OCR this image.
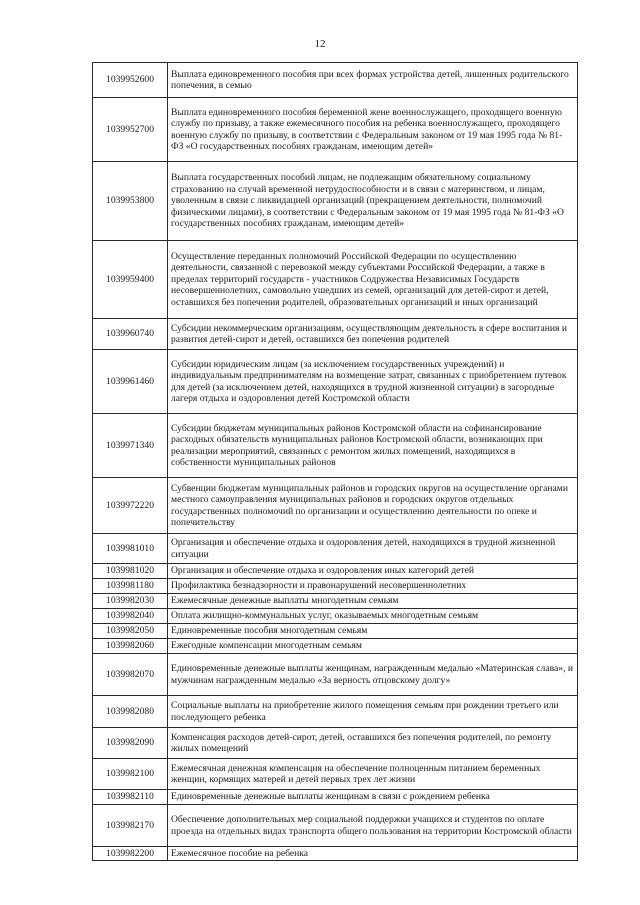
12
1039952600	Выплата единовременного пособия при всех формах устройства детей, лишенных родительского попечения, в семью
1039952700	Выплата единовременного пособия беременной жене военнослужащего, проходящего военную службу по призыву, а также ежемесячного пособия на ребенка военнослужащего, проходящего военную службу по призыву, в соответствии с Федеральным законом от 19 мая 1995 года № 81-ФЗ «О государственных пособиях гражданам, имеющим детей»
1039953800	Выплата государственных пособий лицам, не подлежащим обязательному социальному страхованию на случай временной нетрудоспособности и в связи с материнством, и лицам, уволенным в связи с ликвидацией организаций (прекращением деятельности, полномочий физическими лицами), в соответствии с Федеральным законом от 19 мая 1995 года № 81-ФЗ «О государственных пособиях гражданам, имеющим детей»
1039959400	Осуществление переданных полномочий Российской Федерации по осуществлению деятельности, связанной с перевозкой между субъектами Российской Федерации, а также в пределах территорий государств - участников Содружества Независимых Государств несовершеннолетних, самовольно ушедших из семей, организаций для детей-сирот и детей, оставшихся без попечения родителей, образовательных организаций и иных организаций
1039960740	Субсидии некоммерческим организациям, осуществляющим деятельность в сфере воспитания и развития детей-сирот и детей, оставшихся без попечения родителей
1039961460	Субсидии юридическим лицам (за исключением государственных учреждений) и индивидуальным предпринимателям на возмещение затрат, связанных с приобретением путевок для детей (за исключением детей, находящихся в трудной жизненной ситуации) в загородные лагеря отдыха и оздоровления детей Костромской области
1039971340	Субсидии бюджетам муниципальных районов Костромской области на софинансирование расходных обязательств муниципальных районов Костромской области, возникающих при реализации мероприятий, связанных с ремонтом жилых помещений, находящихся в собственности муниципальных районов
1039972220	Субвенции бюджетам муниципальных районов и городских округов на осуществление органами местного самоуправления муниципальных районов и городских округов отдельных государственных полномочий по организации и осуществлению деятельности по опеке и попечительству
1039981010	Организация и обеспечение отдыха и оздоровления детей, находящихся в трудной жизненной ситуации
1039981020	Организация и обеспечение отдыха и оздоровления иных категорий детей
1039981180	Профилактика безнадзорности и правонарушений несовершеннолетних
1039982030	Ежемесячные денежные выплаты многодетным семьям
1039982040	Оплата жилищно-коммунальных услуг, оказываемых многодетным семьям
1039982050	Единовременные пособия многодетным семьям
1039982060	Ежегодные компенсации многодетным семьям
1039982070	Единовременные денежные выплаты женщинам, награжденным медалью «Материнская слава», и мужчинам награжденным медалью «За верность отцовскому долгу»
1039982080	Социальные выплаты на приобретение жилого помещения семьям при рождении третьего или последующего ребенка
1039982090	Компенсация расходов детей-сирот, детей, оставшихся без попечения родителей, по ремонту жилых помещений
1039982100	Ежемесячная денежная компенсация на обеспечение полноценным питанием беременных женщин, кормящих матерей и детей первых трех лет жизни
1039982110	Единовременные денежные выплаты женщинам в связи с рождением ребенка
1039982170	Обеспечение дополнительных мер социальной поддержки учащихся и студентов по оплате проезда на отдельных видах транспорта общего пользования на территории Костромской области
1039982200	Ежемесячное пособие на ребенка
